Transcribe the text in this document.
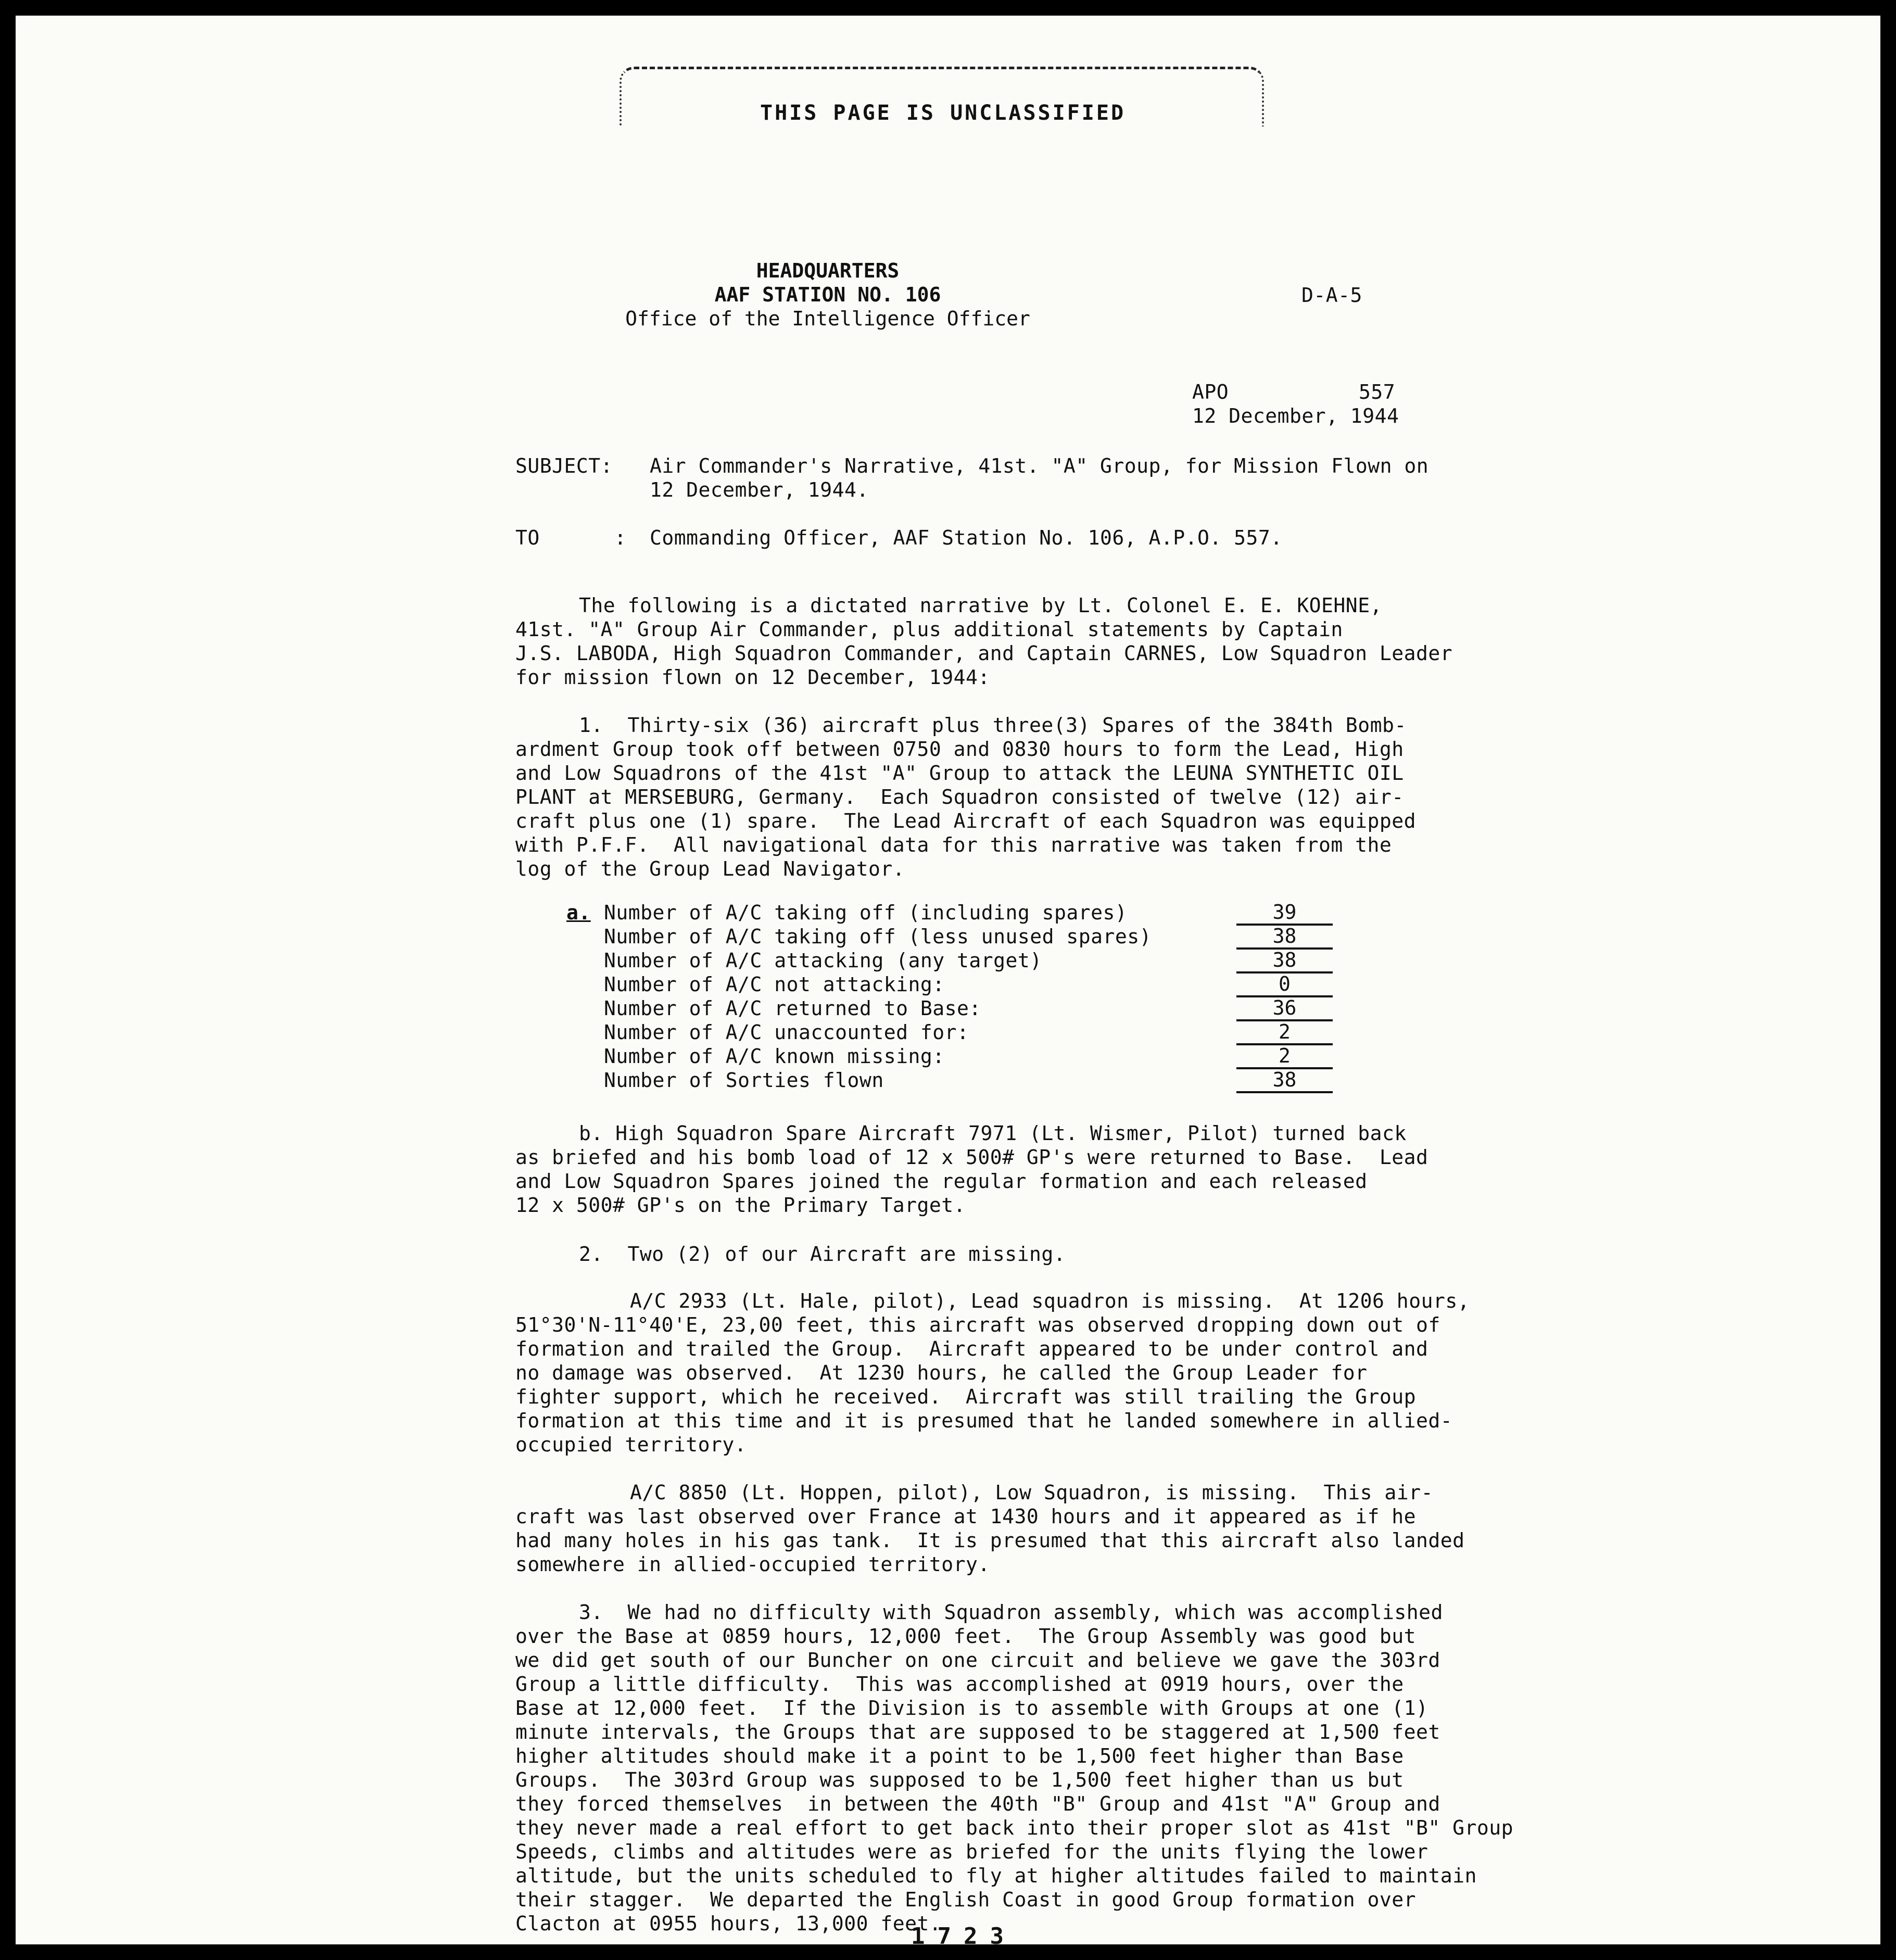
THIS PAGE IS UNCLASSIFIED
HEADQUARTERS
AAF STATION NO. 106
Office of the Intelligence Officer
D-A-5
APO	557
12 December, 1944
SUBJECT: Air Commander's Narrative, 41st. "A" Group, for Mission Flown on
12 December, 1944.
TO	: Commanding Officer, AAF Station No. 106, A.P.O. 557.
The following is a dictated narrative by Lt. Colonel E. E. KOEHNE,
41st. "A" Group Air Commander, plus additional statements by Captain
J.S. LABODA, High Squadron Commander, and Captain CARNES, Low Squadron Leader
for mission flown on 12 December, 1944:
1.  Thirty-six (36) aircraft plus three(3) Spares of the 384th Bomb-
ardment Group took off between 0750 and 0830 hours to form the Lead, High
and Low Squadrons of the 41st "A" Group to attack the LEUNA SYNTHETIC OIL
PLANT at MERSEBURG, Germany.  Each Squadron consisted of twelve (12) air-
craft plus one (1) spare.  The Lead Aircraft of each Squadron was equipped
with P.F.F.  All navigational data for this narrative was taken from the
log of the Group Lead Navigator.
a. Number of A/C taking off (including spares)	39
Number of A/C taking off (less unused spares)	38
Number of A/C attacking (any target)	38
Number of A/C not attacking:	0
Number of A/C returned to Base:	36
Number of A/C unaccounted for:	2
Number of A/C known missing:	2
Number of Sorties flown	38
b. High Squadron Spare Aircraft 7971 (Lt. Wismer, Pilot) turned back
as briefed and his bomb load of 12 x 500# GP's were returned to Base.  Lead
and Low Squadron Spares joined the regular formation and each released
12 x 500# GP's on the Primary Target.
2.  Two (2) of our Aircraft are missing.
A/C 2933 (Lt. Hale, pilot), Lead squadron is missing.  At 1206 hours,
51°30'N-11°40'E, 23,00 feet, this aircraft was observed dropping down out of
formation and trailed the Group.  Aircraft appeared to be under control and
no damage was observed.  At 1230 hours, he called the Group Leader for
fighter support, which he received.  Aircraft was still trailing the Group
formation at this time and it is presumed that he landed somewhere in allied-
occupied territory.
A/C 8850 (Lt. Hoppen, pilot), Low Squadron, is missing.  This air-
craft was last observed over France at 1430 hours and it appeared as if he
had many holes in his gas tank.  It is presumed that this aircraft also landed
somewhere in allied-occupied territory.
3.  We had no difficulty with Squadron assembly, which was accomplished
over the Base at 0859 hours, 12,000 feet.  The Group Assembly was good but
we did get south of our Buncher on one circuit and believe we gave the 303rd
Group a little difficulty.  This was accomplished at 0919 hours, over the
Base at 12,000 feet.  If the Division is to assemble with Groups at one (1)
minute intervals, the Groups that are supposed to be staggered at 1,500 feet
higher altitudes should make it a point to be 1,500 feet higher than Base
Groups.  The 303rd Group was supposed to be 1,500 feet higher than us but
they forced themselves  in between the 40th "B" Group and 41st "A" Group and
they never made a real effort to get back into their proper slot as 41st "B" Group
Speeds, climbs and altitudes were as briefed for the units flying the lower
altitude, but the units scheduled to fly at higher altitudes failed to maintain
their stagger.  We departed the English Coast in good Group formation over
Clacton at 0955 hours, 13,000 feet.
1723
